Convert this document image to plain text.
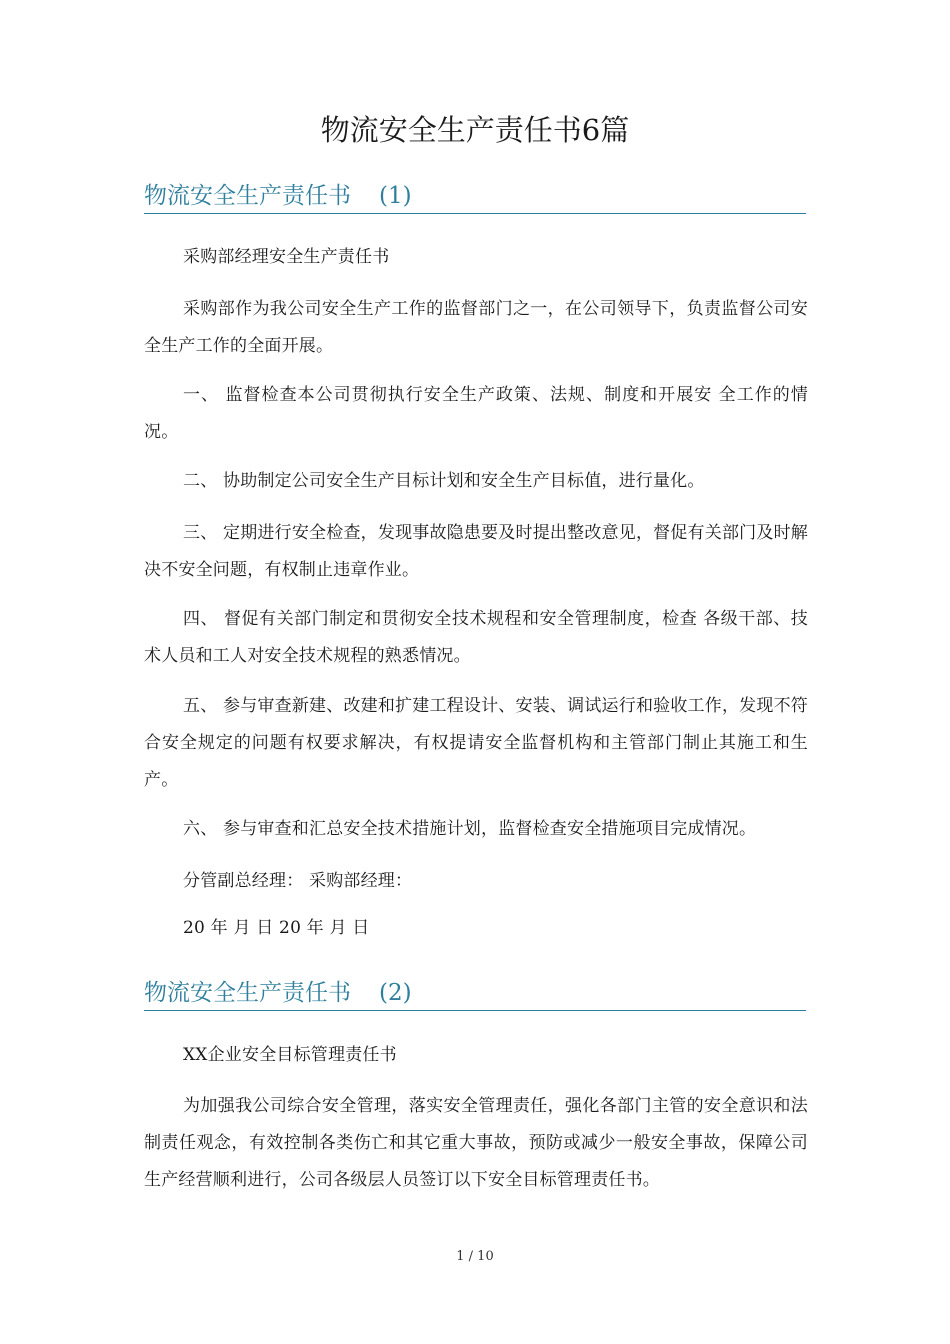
物流安全生产责任书6篇
物流安全生产责任书 (1)

采购部经理安全生产责任书

采购部作为我公司安全生产工作的监督部门之一，在公司领导下，负责监督公司安全生产工作的全面开展。

一、 监督检查本公司贯彻执行安全生产政策、法规、制度和开展安 全工作的情况。

二、 协助制定公司安全生产目标计划和安全生产目标值，进行量化。

三、 定期进行安全检查，发现事故隐患要及时提出整改意见，督促有关部门及时解决不安全问题，有权制止违章作业。

四、 督促有关部门制定和贯彻安全技术规程和安全管理制度，检查 各级干部、技术人员和工人对安全技术规程的熟悉情况。

五、 参与审查新建、改建和扩建工程设计、安装、调试运行和验收工作，发现不符合安全规定的问题有权要求解决，有权提请安全监督机构和主管部门制止其施工和生产。

六、 参与审查和汇总安全技术措施计划，监督检查安全措施项目完成情况。

分管副总经理： 采购部经理：

20 年 月 日 20 年 月 日

物流安全生产责任书 (2)

XX企业安全目标管理责任书

为加强我公司综合安全管理，落实安全管理责任，强化各部门主管的安全意识和法制责任观念，有效控制各类伤亡和其它重大事故，预防或减少一般安全事故，保障公司生产经营顺利进行，公司各级层人员签订以下安全目标管理责任书。

1 / 10
